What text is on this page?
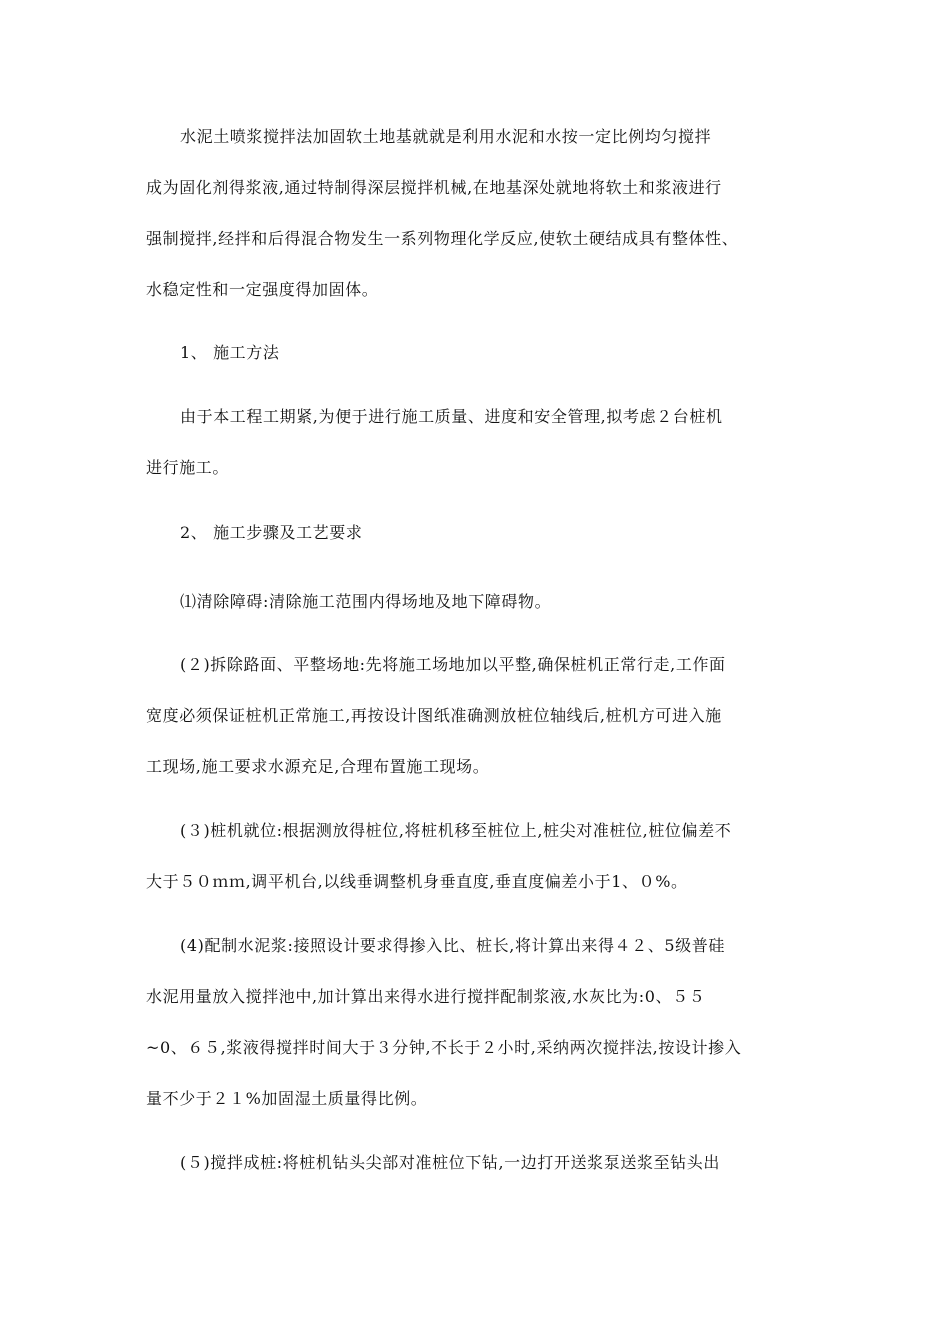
水泥土喷浆搅拌法加固软土地基就就是利用水泥和水按一定比例均匀搅拌
成为固化剂得浆液,通过特制得深层搅拌机械,在地基深处就地将软土和浆液进行
强制搅拌,经拌和后得混合物发生一系列物理化学反应,使软土硬结成具有整体性、
水稳定性和一定强度得加固体。
1、 施工方法
由于本工程工期紧,为便于进行施工质量、进度和安全管理,拟考虑２台桩机
进行施工。
2、 施工步骤及工艺要求
⑴清除障碍:清除施工范围内得场地及地下障碍物。
(２)拆除路面、平整场地:先将施工场地加以平整,确保桩机正常行走,工作面
宽度必须保证桩机正常施工,再按设计图纸准确测放桩位轴线后,桩机方可进入施
工现场,施工要求水源充足,合理布置施工现场。
(３)桩机就位:根据测放得桩位,将桩机移至桩位上,桩尖对准桩位,桩位偏差不
大于５０ｍｍ,调平机台,以线垂调整机身垂直度,垂直度偏差小于1、０%。
(4)配制水泥浆:接照设计要求得掺入比、桩长,将计算出来得４２、5级普硅
水泥用量放入搅拌池中,加计算出来得水进行搅拌配制浆液,水灰比为:0、５５
~0、６５,浆液得搅拌时间大于３分钟,不长于２小时,采纳两次搅拌法,按设计掺入
量不少于２１%加固湿土质量得比例。
(５)搅拌成桩:将桩机钻头尖部对准桩位下钻,一边打开送浆泵送浆至钻头出
